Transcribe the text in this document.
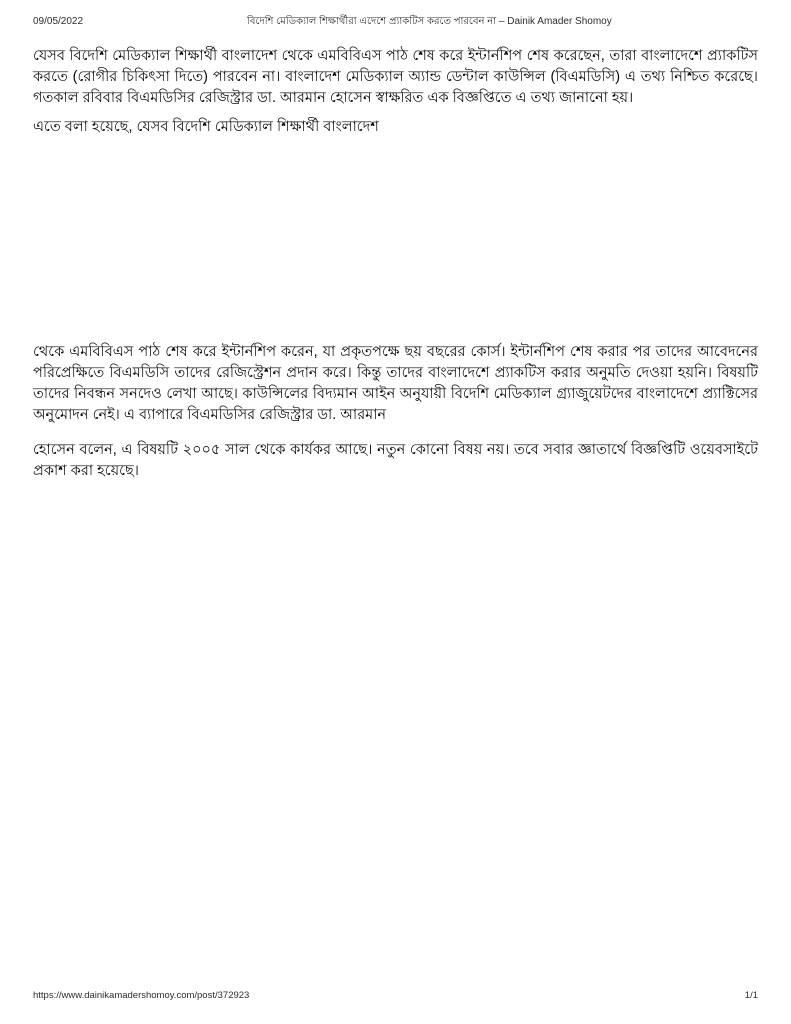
09/05/2022	বিদেশি মেডিক্যাল শিক্ষার্থীরা এদেশে প্র্যাকটিস করতে পারবেন না – Dainik Amader Shomoy

যেসব বিদেশি মেডিক্যাল শিক্ষার্থী বাংলাদেশ থেকে এমবিবিএস পাঠ শেষ করে ইন্টার্নশিপ শেষ করেছেন, তারা বাংলাদেশে প্র্যাকটিস করতে (রোগীর চিকিৎসা দিতে) পারবেন না। বাংলাদেশ মেডিক্যাল অ্যান্ড ডেন্টাল কাউন্সিল (বিএমডিসি) এ তথ্য নিশ্চিত করেছে। গতকাল রবিবার বিএমডিসির রেজিস্ট্রার ডা. আরমান হোসেন স্বাক্ষরিত এক বিজ্ঞপ্তিতে এ তথ্য জানানো হয়।

এতে বলা হয়েছে, যেসব বিদেশি মেডিক্যাল শিক্ষার্থী বাংলাদেশ

থেকে এমবিবিএস পাঠ শেষ করে ইন্টার্নশিপ করেন, যা প্রকৃতপক্ষে ছয় বছরের কোর্স। ইন্টার্নশিপ শেষ করার পর তাদের আবেদনের পরিপ্রেক্ষিতে বিএমডিসি তাদের রেজিস্ট্রেশন প্রদান করে। কিন্তু তাদের বাংলাদেশে প্র্যাকটিস করার অনুমতি দেওয়া হয়নি। বিষয়টি তাদের নিবন্ধন সনদেও লেখা আছে। কাউন্সিলের বিদ্যমান আইন অনুযায়ী বিদেশি মেডিক্যাল গ্র্যাজুয়েটদের বাংলাদেশে প্র্যাক্টিসের অনুমোদন নেই। এ ব্যাপারে বিএমডিসির রেজিস্ট্রার ডা. আরমান

হোসেন বলেন, এ বিষয়টি ২০০৫ সাল থেকে কার্যকর আছে। নতুন কোনো বিষয় নয়। তবে সবার জ্ঞাতার্থে বিজ্ঞপ্তিটি ওয়েবসাইটে প্রকাশ করা হয়েছে।

https://www.dainikamadershomoy.com/post/372923	1/1
